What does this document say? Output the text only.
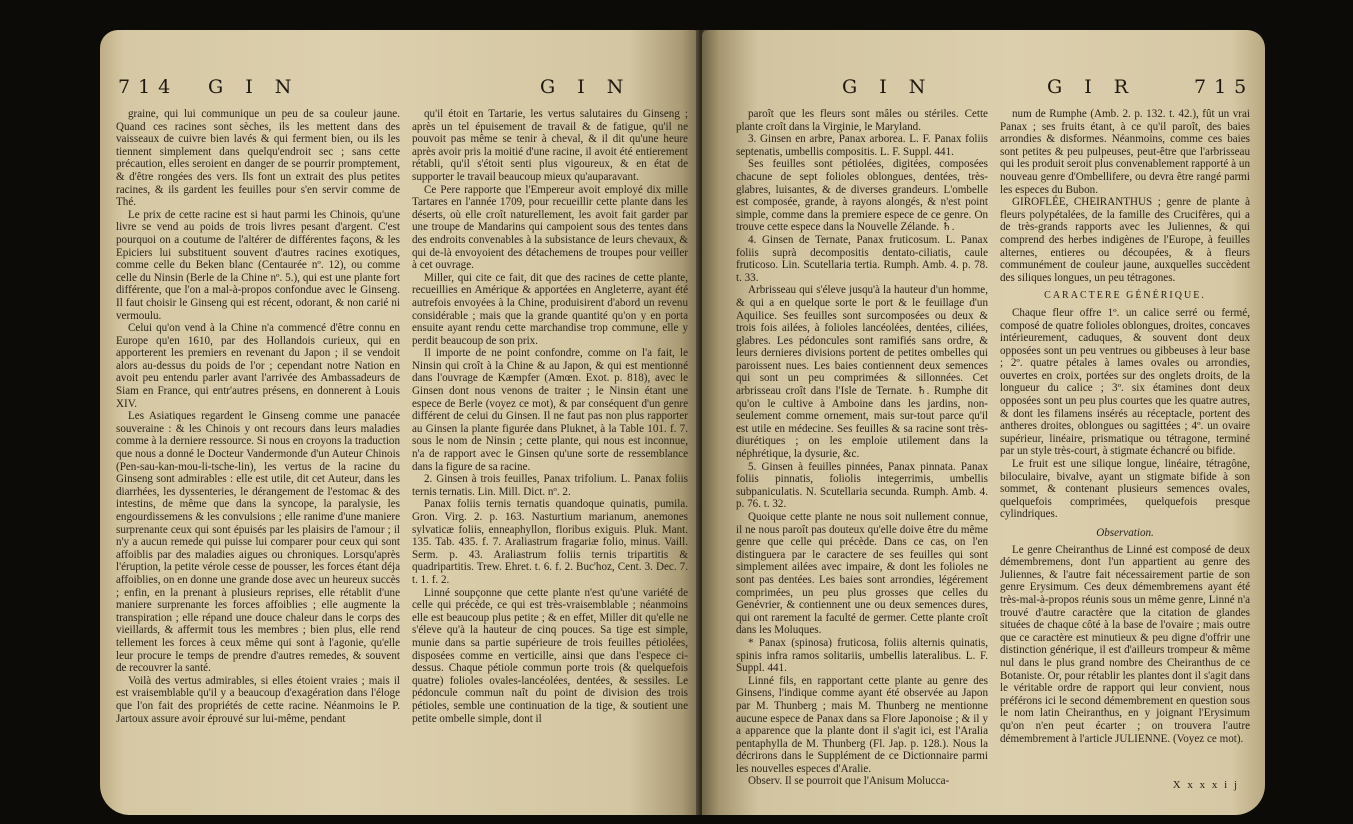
714 G I N	G I N

graine, qui lui communique un peu de sa couleur jaune. Quand ces racines sont sèches, ils les mettent dans des vaisseaux de cuivre bien lavés & qui ferment bien, ou ils les tiennent simplement dans quelqu'endroit sec ; sans cette précaution, elles seroient en danger de se pourrir promptement, & d'être rongées des vers. Ils font un extrait des plus petites racines, & ils gardent les feuilles pour s'en servir comme de Thé.

Le prix de cette racine est si haut parmi les Chinois, qu'une livre se vend au poids de trois livres pesant d'argent. C'est pourquoi on a coutume de l'altérer de différentes façons, & les Epiciers lui substituent souvent d'autres racines exotiques, comme celle du Beken blanc (Centaurée nº. 12), ou comme celle du Ninsin (Berle de la Chine nº. 5.), qui est une plante fort différente, que l'on a mal-à-propos confondue avec le Ginseng. Il faut choisir le Ginseng qui est récent, odorant, & non carié ni vermoulu.

Celui qu'on vend à la Chine n'a commencé d'être connu en Europe qu'en 1610, par des Hollandois curieux, qui en apporterent les premiers en revenant du Japon ; il se vendoit alors au-dessus du poids de l'or ; cependant notre Nation en avoit peu entendu parler avant l'arrivée des Ambassadeurs de Siam en France, qui entr'autres présens, en donnerent à Louis XIV.

Les Asiatiques regardent le Ginseng comme une panacée souveraine : & les Chinois y ont recours dans leurs maladies comme à la derniere ressource. Si nous en croyons la traduction que nous a donné le Docteur Vandermonde d'un Auteur Chinois (Pen-sau-kan-mou-li-tsche-lin), les vertus de la racine du Ginseng sont admirables : elle est utile, dit cet Auteur, dans les diarrhées, les dyssenteries, le dérangement de l'estomac & des intestins, de même que dans la syncope, la paralysie, les engourdissemens & les convulsions ; elle ranime d'une maniere surprenante ceux qui sont épuisés par les plaisirs de l'amour ; il n'y a aucun remede qui puisse lui comparer pour ceux qui sont affoiblis par des maladies aigues ou chroniques. Lorsqu'après l'éruption, la petite vérole cesse de pousser, les forces étant déja affoiblies, on en donne une grande dose avec un heureux succès ; enfin, en la prenant à plusieurs reprises, elle rétablit d'une maniere surprenante les forces affoiblies ; elle augmente la transpiration ; elle répand une douce chaleur dans le corps des vieillards, & affermit tous les membres ; bien plus, elle rend tellement les forces à ceux même qui sont à l'agonie, qu'elle leur procure le temps de prendre d'autres remedes, & souvent de recouvrer la santé.

Voilà des vertus admirables, si elles étoient vraies ; mais il est vraisemblable qu'il y a beaucoup d'exagération dans l'éloge que l'on fait des propriétés de cette racine. Néanmoins le P. Jartoux assure avoir éprouvé sur lui-même, pendant

qu'il étoit en Tartarie, les vertus salutaires du Ginseng ; après un tel épuisement de travail & de fatigue, qu'il ne pouvoit pas même se tenir à cheval, & il dit qu'une heure après avoir pris la moitié d'une racine, il avoit été entierement rétabli, qu'il s'étoit senti plus vigoureux, & en état de supporter le travail beaucoup mieux qu'auparavant.

Ce Pere rapporte que l'Empereur avoit employé dix mille Tartares en l'année 1709, pour recueillir cette plante dans les déserts, où elle croît naturellement, les avoit fait garder par une troupe de Mandarins qui campoient sous des tentes dans des endroits convenables à la subsistance de leurs chevaux, & qui de-là envoyoient des détachemens de troupes pour veiller à cet ouvrage.

Miller, qui cite ce fait, dit que des racines de cette plante, recueillies en Amérique & apportées en Angleterre, ayant été autrefois envoyées à la Chine, produisirent d'abord un revenu considérable ; mais que la grande quantité qu'on y en porta ensuite ayant rendu cette marchandise trop commune, elle y perdit beaucoup de son prix.

Il importe de ne point confondre, comme on l'a fait, le Ninsin qui croît à la Chine & au Japon, & qui est mentionné dans l'ouvrage de Kæmpfer (Amœn. Exot. p. 818), avec le Ginsen dont nous venons de traiter ; le Ninsin étant une espece de Berle (voyez ce mot), & par conséquent d'un genre différent de celui du Ginsen. Il ne faut pas non plus rapporter au Ginsen la plante figurée dans Pluknet, à la Table 101. f. 7. sous le nom de Ninsin ; cette plante, qui nous est inconnue, n'a de rapport avec le Ginsen qu'une sorte de ressemblance dans la figure de sa racine.

2. Ginsen à trois feuilles, Panax trifolium. L. Panax foliis ternis ternatis. Lin. Mill. Dict. nº. 2.

Panax foliis ternis ternatis quandoque quinatis, pumila. Gron. Virg. 2. p. 163. Nasturtium marianum, anemones sylvaticæ foliis, enneaphyllon, floribus exiguis. Pluk. Mant. 135. Tab. 435. f. 7. Araliastrum fragariæ folio, minus. Vaill. Serm. p. 43. Araliastrum foliis ternis tripartitis & quadripartitis. Trew. Ehret. t. 6. f. 2. Buc'hoz, Cent. 3. Dec. 7. t. 1. f. 2.

Linné soupçonne que cette plante n'est qu'une variété de celle qui précède, ce qui est très-vraisemblable ; néanmoins elle est beaucoup plus petite ; & en effet, Miller dit qu'elle ne s'éleve qu'à la hauteur de cinq pouces. Sa tige est simple, munie dans sa partie supérieure de trois feuilles pétiolées, disposées comme en verticille, ainsi que dans l'espece ci-dessus. Chaque pétiole commun porte trois (& quelquefois quatre) folioles ovales-lancéolées, dentées, & sessiles. Le pédoncule commun naît du point de division des trois pétioles, semble une continuation de la tige, & soutient une petite ombelle simple, dont il

G I N	G I R	715

paroît que les fleurs sont mâles ou stériles. Cette plante croît dans la Virginie, le Maryland.

3. Ginsen en arbre, Panax arborea. L. F. Panax foliis septenatis, umbellis compositis. L. F. Suppl. 441.

Ses feuilles sont pétiolées, digitées, composées chacune de sept folioles oblongues, dentées, très-glabres, luisantes, & de diverses grandeurs. L'ombelle est composée, grande, à rayons alongés, & n'est point simple, comme dans la premiere espece de ce genre. On trouve cette espece dans la Nouvelle Zélande. ♄.

4. Ginsen de Ternate, Panax fruticosum. L. Panax foliis suprà decompositis dentato-ciliatis, caule fruticoso. Lin. Scutellaria tertia. Rumph. Amb. 4. p. 78. t. 33.

Arbrisseau qui s'éleve jusqu'à la hauteur d'un homme, & qui a en quelque sorte le port & le feuillage d'un Aquilice. Ses feuilles sont surcomposées ou deux & trois fois ailées, à folioles lancéolées, dentées, ciliées, glabres. Les pédoncules sont ramifiés sans ordre, & leurs dernieres divisions portent de petites ombelles qui paroissent nues. Les baies contiennent deux semences qui sont un peu comprimées & sillonnées. Cet arbrisseau croît dans l'Isle de Ternate. ♄. Rumphe dit qu'on le cultive à Amboine dans les jardins, non-seulement comme ornement, mais sur-tout parce qu'il est utile en médecine. Ses feuilles & sa racine sont très-diurétiques ; on les emploie utilement dans la néphrétique, la dysurie, &c.

5. Ginsen à feuilles pinnées, Panax pinnata. Panax foliis pinnatis, foliolis integerrimis, umbellis subpaniculatis. N. Scutellaria secunda. Rumph. Amb. 4. p. 76. t. 32.

Quoique cette plante ne nous soit nullement connue, il ne nous paroît pas douteux qu'elle doive être du même genre que celle qui précède. Dans ce cas, on l'en distinguera par le caractere de ses feuilles qui sont simplement ailées avec impaire, & dont les folioles ne sont pas dentées. Les baies sont arrondies, légérement comprimées, un peu plus grosses que celles du Genévrier, & contiennent une ou deux semences dures, qui ont rarement la faculté de germer. Cette plante croît dans les Moluques.

* Panax (spinosa) fruticosa, foliis alternis quinatis, spinis infra ramos solitariis, umbellis lateralibus. L. F. Suppl. 441.

Linné fils, en rapportant cette plante au genre des Ginsens, l'indique comme ayant été observée au Japon par M. Thunberg ; mais M. Thunberg ne mentionne aucune espece de Panax dans sa Flore Japonoise ; & il y a apparence que la plante dont il s'agit ici, est l'Aralia pentaphylla de M. Thunberg (Fl. Jap. p. 128.). Nous la décrirons dans le Supplément de ce Dictionnaire parmi les nouvelles especes d'Aralie.

Observ. Il se pourroit que l'Anisum Molucca-

num de Rumphe (Amb. 2. p. 132. t. 42.), fût un vrai Panax ; ses fruits étant, à ce qu'il paroît, des baies arrondies & disformes. Néanmoins, comme ces baies sont petites & peu pulpeuses, peut-être que l'arbrisseau qui les produit seroit plus convenablement rapporté à un nouveau genre d'Ombellifere, ou devra être rangé parmi les especes du Bubon.

GIROFLÉE, CHEIRANTHUS ; genre de plante à fleurs polypétalées, de la famille des Crucifères, qui a de très-grands rapports avec les Juliennes, & qui comprend des herbes indigènes de l'Europe, à feuilles alternes, entieres ou découpées, & à fleurs communément de couleur jaune, auxquelles succèdent des siliques longues, un peu tétragones.

CARACTERE GÉNÉRIQUE.

Chaque fleur offre 1º. un calice serré ou fermé, composé de quatre folioles oblongues, droites, concaves intérieurement, caduques, & souvent dont deux opposées sont un peu ventrues ou gibbeuses à leur base ; 2º. quatre pétales à lames ovales ou arrondies, ouvertes en croix, portées sur des onglets droits, de la longueur du calice ; 3º. six étamines dont deux opposées sont un peu plus courtes que les quatre autres, & dont les filamens insérés au réceptacle, portent des antheres droites, oblongues ou sagittées ; 4º. un ovaire supérieur, linéaire, prismatique ou tétragone, terminé par un style très-court, à stigmate échancré ou bifide.

Le fruit est une silique longue, linéaire, tétragône, biloculaire, bivalve, ayant un stigmate bifide à son sommet, & contenant plusieurs semences ovales, quelquefois comprimées, quelquefois presque cylindriques.

Observation.

Le genre Cheiranthus de Linné est composé de deux démembremens, dont l'un appartient au genre des Juliennes, & l'autre fait nécessairement partie de son genre Erysimum. Ces deux démembremens ayant été très-mal-à-propos réunis sous un même genre, Linné n'a trouvé d'autre caractère que la citation de glandes situées de chaque côté à la base de l'ovaire ; mais outre que ce caractère est minutieux & peu digne d'offrir une distinction générique, il est d'ailleurs trompeur & même nul dans le plus grand nombre des Cheiranthus de ce Botaniste. Or, pour rétablir les plantes dont il s'agit dans le véritable ordre de rapport qui leur convient, nous préférons ici le second démembrement en question sous le nom latin Cheiranthus, en y joignant l'Erysimum qu'on n'en peut écarter ; on trouvera l'autre démembrement à l'article JULIENNE. (Voyez ce mot).

X x x x i j
